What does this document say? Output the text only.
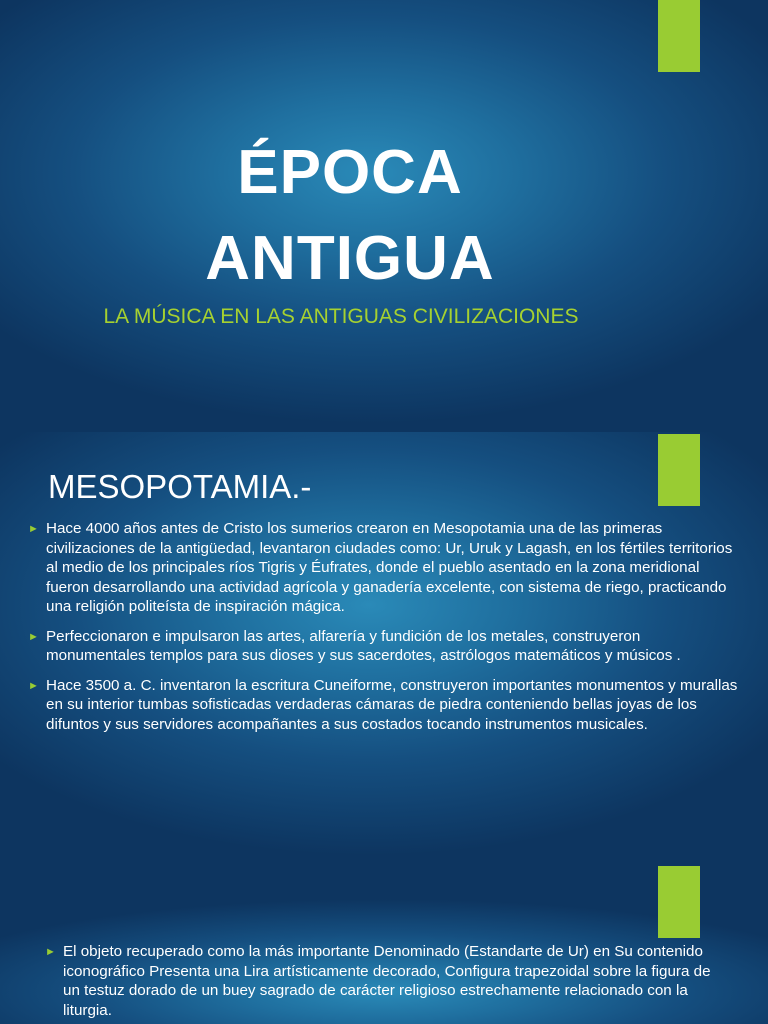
ÉPOCA
ANTIGUA
LA MÚSICA EN LAS ANTIGUAS CIVILIZACIONES
MESOPOTAMIA.-
► Hace 4000 años antes de Cristo los sumerios crearon en Mesopotamia una de las primeras civilizaciones de la antigüedad, levantaron ciudades como: Ur, Uruk y Lagash, en los fértiles territorios al medio de los principales ríos Tigris y Éufrates, donde el pueblo asentado en la zona meridional fueron desarrollando una actividad agrícola y ganadería excelente, con sistema de riego, practicando una religión politeísta de inspiración mágica.
► Perfeccionaron e impulsaron las artes, alfarería y fundición de los metales, construyeron monumentales templos para sus dioses y sus sacerdotes, astrólogos matemáticos y músicos .
► Hace 3500 a. C. inventaron la escritura Cuneiforme, construyeron importantes monumentos y murallas en su interior tumbas sofisticadas verdaderas cámaras de piedra conteniendo bellas joyas de los difuntos y sus servidores acompañantes a sus costados tocando instrumentos musicales.
► El objeto recuperado como la más importante Denominado (Estandarte de Ur) en Su contenido iconográfico Presenta una Lira artísticamente decorado, Configura trapezoidal sobre la figura de un testuz dorado de un buey sagrado de carácter religioso estrechamente relacionado con la liturgia.
